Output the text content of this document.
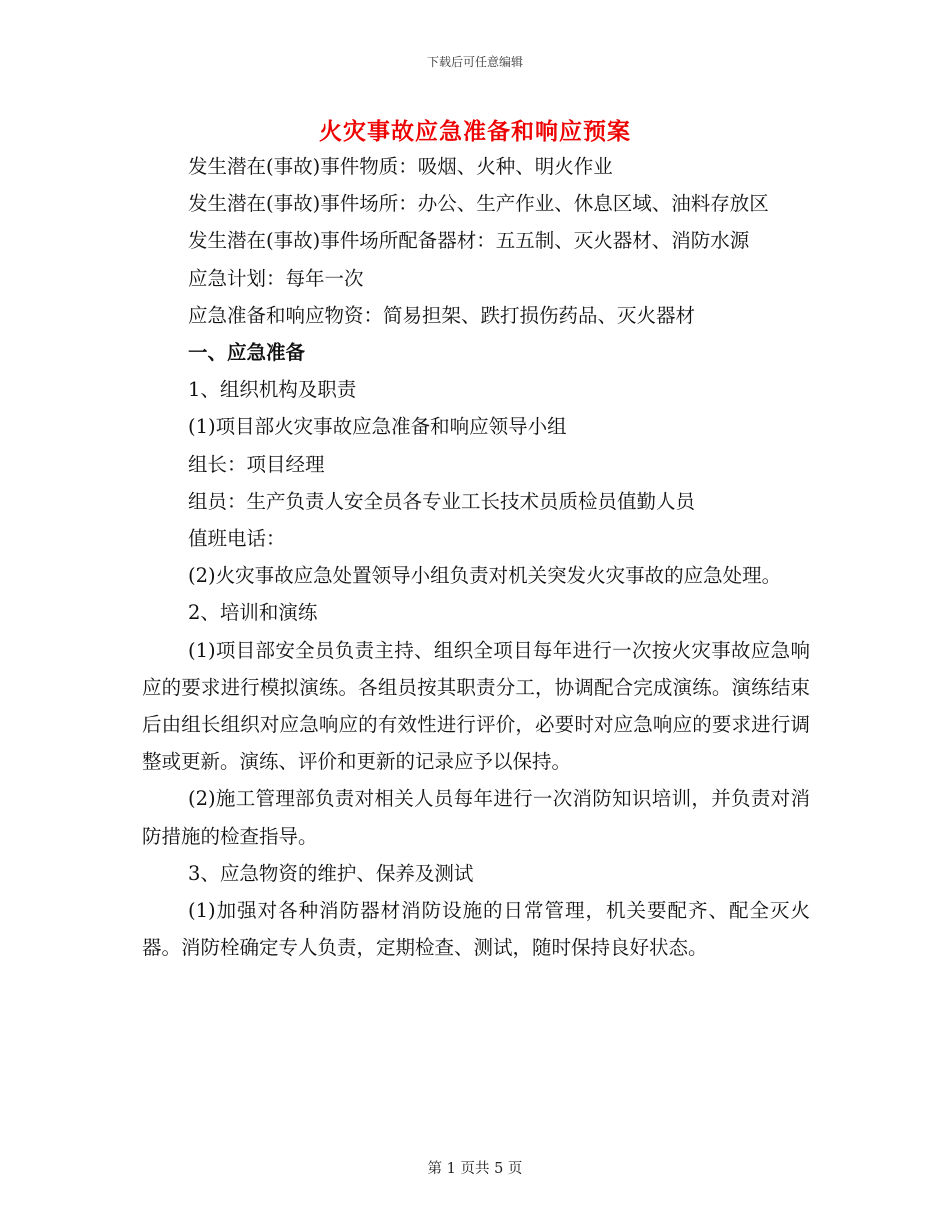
下载后可任意编辑
火灾事故应急准备和响应预案

发生潜在(事故)事件物质：吸烟、火种、明火作业

发生潜在(事故)事件场所：办公、生产作业、休息区域、油料存放区

发生潜在(事故)事件场所配备器材：五五制、灭火器材、消防水源

应急计划：每年一次

应急准备和响应物资：简易担架、跌打损伤药品、灭火器材

一、应急准备

1、组织机构及职责

(1)项目部火灾事故应急准备和响应领导小组

组长：项目经理

组员：生产负责人安全员各专业工长技术员质检员值勤人员

值班电话：

(2)火灾事故应急处置领导小组负责对机关突发火灾事故的应急处理。

2、培训和演练

(1)项目部安全员负责主持、组织全项目每年进行一次按火灾事故应急响应的要求进行模拟演练。各组员按其职责分工，协调配合完成演练。演练结束后由组长组织对应急响应的有效性进行评价，必要时对应急响应的要求进行调整或更新。演练、评价和更新的记录应予以保持。

(2)施工管理部负责对相关人员每年进行一次消防知识培训，并负责对消防措施的检查指导。

3、应急物资的维护、保养及测试

(1)加强对各种消防器材消防设施的日常管理，机关要配齐、配全灭火器。消防栓确定专人负责，定期检查、测试，随时保持良好状态。

第 1 页共 5 页
